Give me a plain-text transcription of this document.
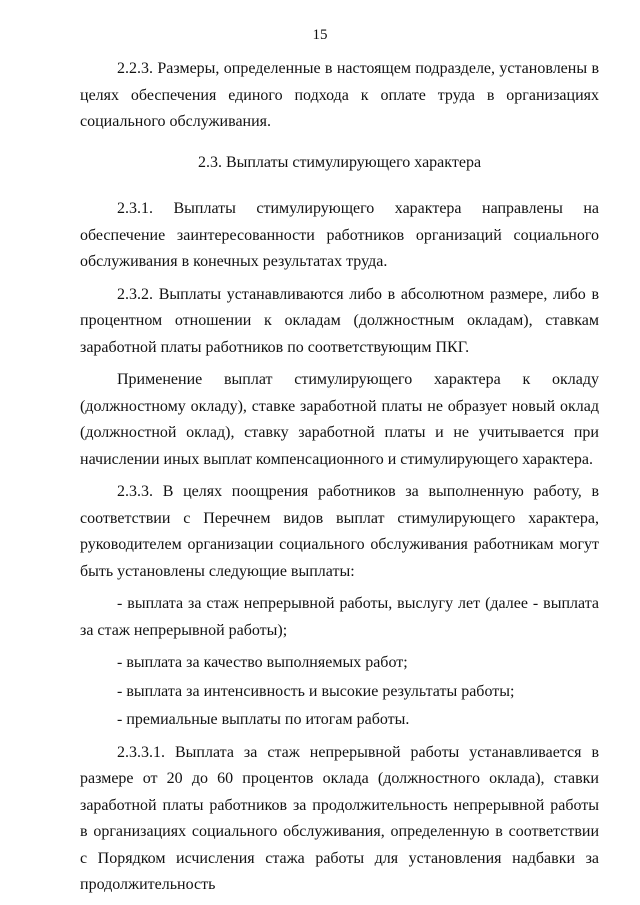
15

2.2.3. Размеры, определенные в настоящем подразделе, установлены в целях обеспечения единого подхода к оплате труда в организациях социального обслуживания.

2.3. Выплаты стимулирующего характера

2.3.1. Выплаты стимулирующего характера направлены на обеспечение заинтересованности работников организаций социального обслуживания в конечных результатах труда.

2.3.2. Выплаты устанавливаются либо в абсолютном размере, либо в процентном отношении к окладам (должностным окладам), ставкам заработной платы работников по соответствующим ПКГ.

Применение выплат стимулирующего характера к окладу (должностному окладу), ставке заработной платы не образует новый оклад (должностной оклад), ставку заработной платы и не учитывается при начислении иных выплат компенсационного и стимулирующего характера.

2.3.3. В целях поощрения работников за выполненную работу, в соответствии с Перечнем видов выплат стимулирующего характера, руководителем организации социального обслуживания работникам могут быть установлены следующие выплаты:

- выплата за стаж непрерывной работы, выслугу лет (далее - выплата за стаж непрерывной работы);

- выплата за качество выполняемых работ;

- выплата за интенсивность и высокие результаты работы;

- премиальные выплаты по итогам работы.

2.3.3.1. Выплата за стаж непрерывной работы устанавливается в размере от 20 до 60 процентов оклада (должностного оклада), ставки заработной платы работников за продолжительность непрерывной работы в организациях социального обслуживания, определенную в соответствии с Порядком исчисления стажа работы для установления надбавки за продолжительность
